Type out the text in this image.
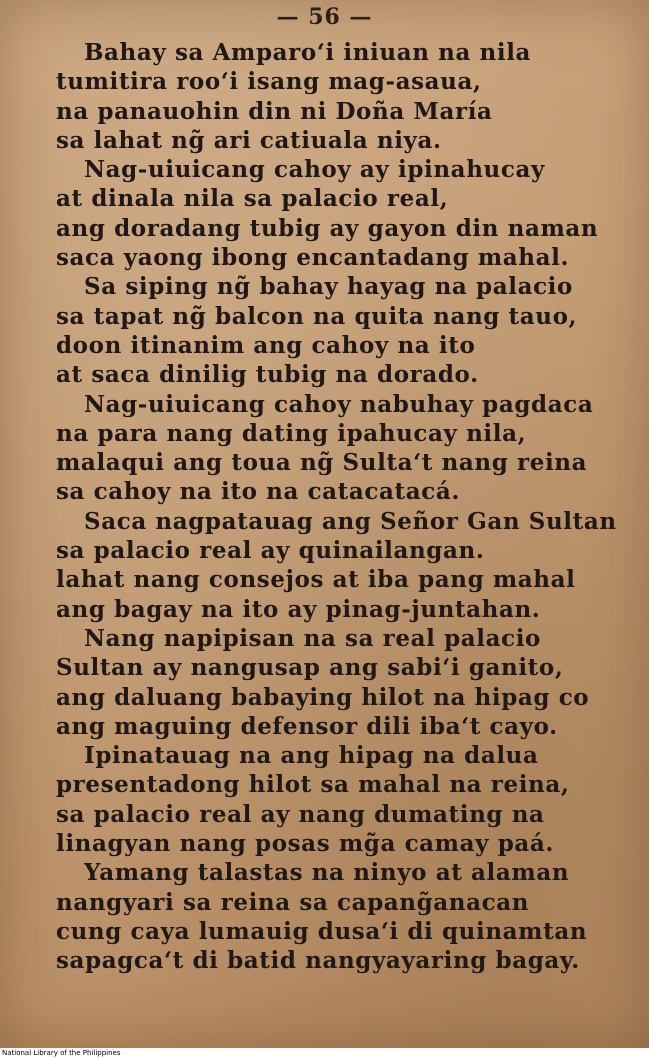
— 56 —
Bahay sa Amparo‘i iniuan na nila
tumitira roo‘i isang mag-asaua,
na panauohin din ni Doña María
sa lahat ng̃ ari catiuala niya.
Nag-uiuicang cahoy ay ipinahucay
at dinala nila sa palacio real,
ang doradang tubig ay gayon din naman
saca yaong ibong encantadang mahal.
Sa siping ng̃ bahay hayag na palacio
sa tapat ng̃ balcon na quita nang tauo,
doon itinanim ang cahoy na ito
at saca dinilig tubig na dorado.
Nag-uiuicang cahoy nabuhay pagdaca
na para nang dating ipahucay nila,
malaqui ang toua ng̃ Sulta‘t nang reina
sa cahoy na ito na catacatacá.
Saca nagpatauag ang Señor Gan Sultan
sa palacio real ay quinailangan.
lahat nang consejos at iba pang mahal
ang bagay na ito ay pinag-juntahan.
Nang napipisan na sa real palacio
Sultan ay nangusap ang sabi‘i ganito,
ang daluang babaying hilot na hipag co
ang maguing defensor dili iba‘t cayo.
Ipinatauag na ang hipag na dalua
presentadong hilot sa mahal na reina,
sa palacio real ay nang dumating na
linagyan nang posas mg̃a camay paá.
Yamang talastas na ninyo at alaman
nangyari sa reina sa capang̃anacan
cung caya lumauig dusa‘i di quinamtan
sapagca‘t di batid nangyayaring bagay.
National Library of the Philippines
